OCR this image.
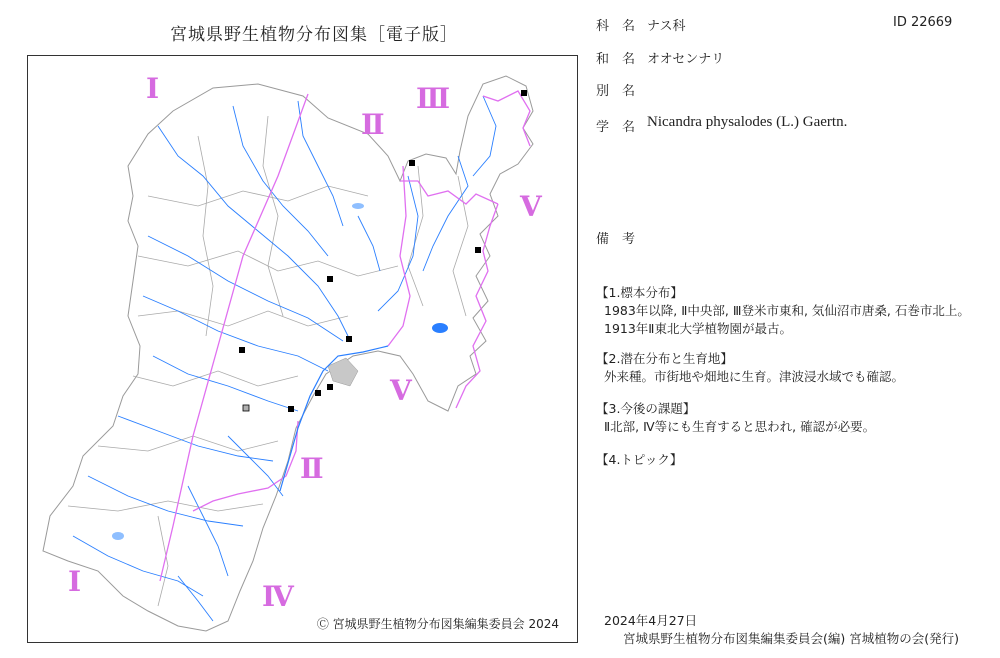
宮城県野生植物分布図集［電子版］
Ⅰ
Ⅱ
Ⅲ
Ⅴ
Ⅴ
Ⅱ
Ⅰ	Ⅳ
Ⓒ 宮城県野生植物分布図集編集委員会 2024
ID 22669
科　名 ナス科
和　名 オオセンナリ
別　名
学　名 Nicandra physalodes (L.) Gaertn.
備　考
【1.標本分布】
1983年以降, Ⅱ中央部, Ⅲ登米市東和, 気仙沼市唐桑, 石巻市北上。1913年Ⅱ東北大学植物園が最古。
【2.潜在分布と生育地】
外来種。市街地や畑地に生育。津波浸水域でも確認。
【3.今後の課題】
Ⅱ北部, Ⅳ等にも生育すると思われ, 確認が必要。
【4.トピック】
2024年4月27日
宮城県野生植物分布図集編集委員会(編) 宮城植物の会(発行)
